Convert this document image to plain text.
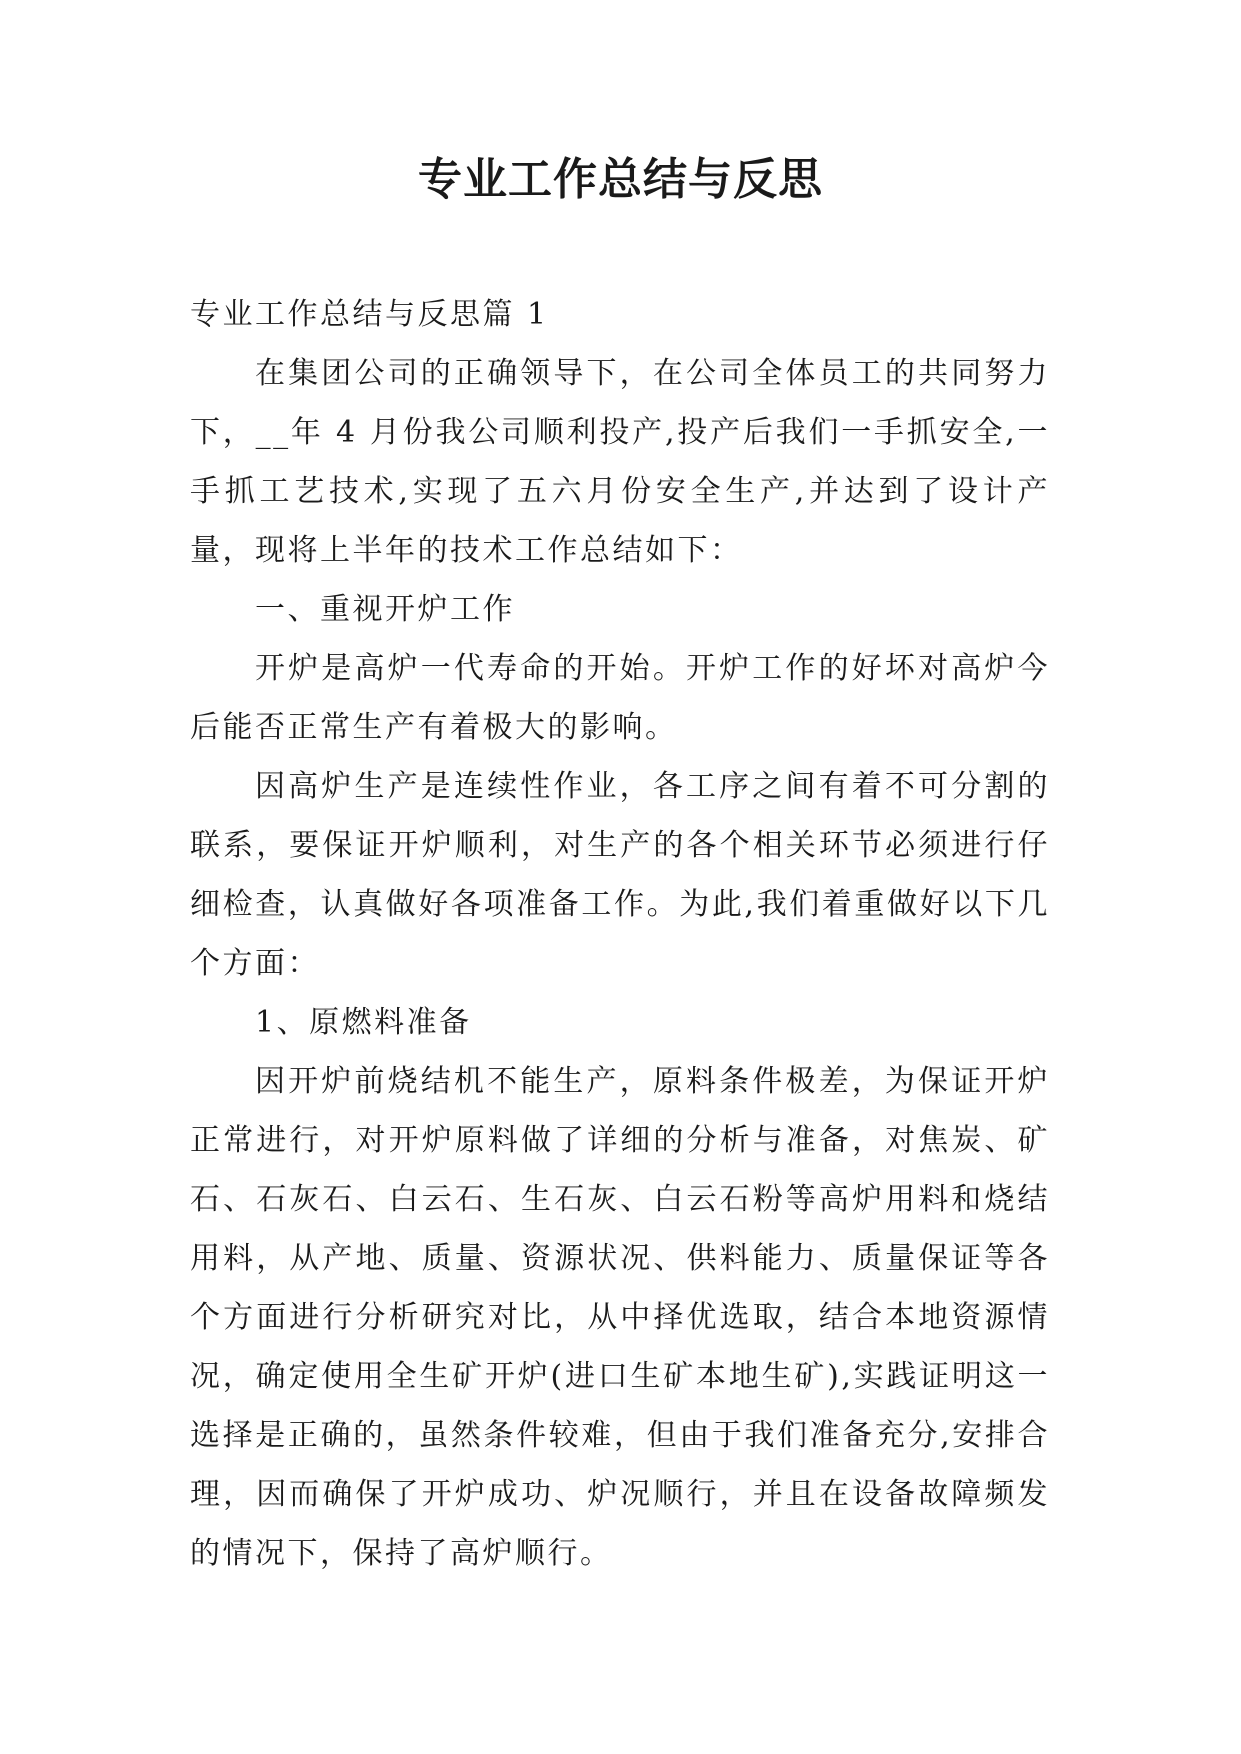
专业工作总结与反思

专业工作总结与反思篇 1

在集团公司的正确领导下，在公司全体员工的共同努力下，__年 4 月份我公司顺利投产,投产后我们一手抓安全,一手抓工艺技术,实现了五六月份安全生产,并达到了设计产量，现将上半年的技术工作总结如下：

一、重视开炉工作

开炉是高炉一代寿命的开始。开炉工作的好坏对高炉今后能否正常生产有着极大的影响。

因高炉生产是连续性作业，各工序之间有着不可分割的联系，要保证开炉顺利，对生产的各个相关环节必须进行仔细检查，认真做好各项准备工作。为此,我们着重做好以下几个方面：

1、原燃料准备

因开炉前烧结机不能生产，原料条件极差，为保证开炉正常进行，对开炉原料做了详细的分析与准备，对焦炭、矿石、石灰石、白云石、生石灰、白云石粉等高炉用料和烧结用料，从产地、质量、资源状况、供料能力、质量保证等各个方面进行分析研究对比，从中择优选取，结合本地资源情况，确定使用全生矿开炉(进口生矿本地生矿),实践证明这一选择是正确的，虽然条件较难，但由于我们准备充分,安排合理，因而确保了开炉成功、炉况顺行，并且在设备故障频发的情况下，保持了高炉顺行。
